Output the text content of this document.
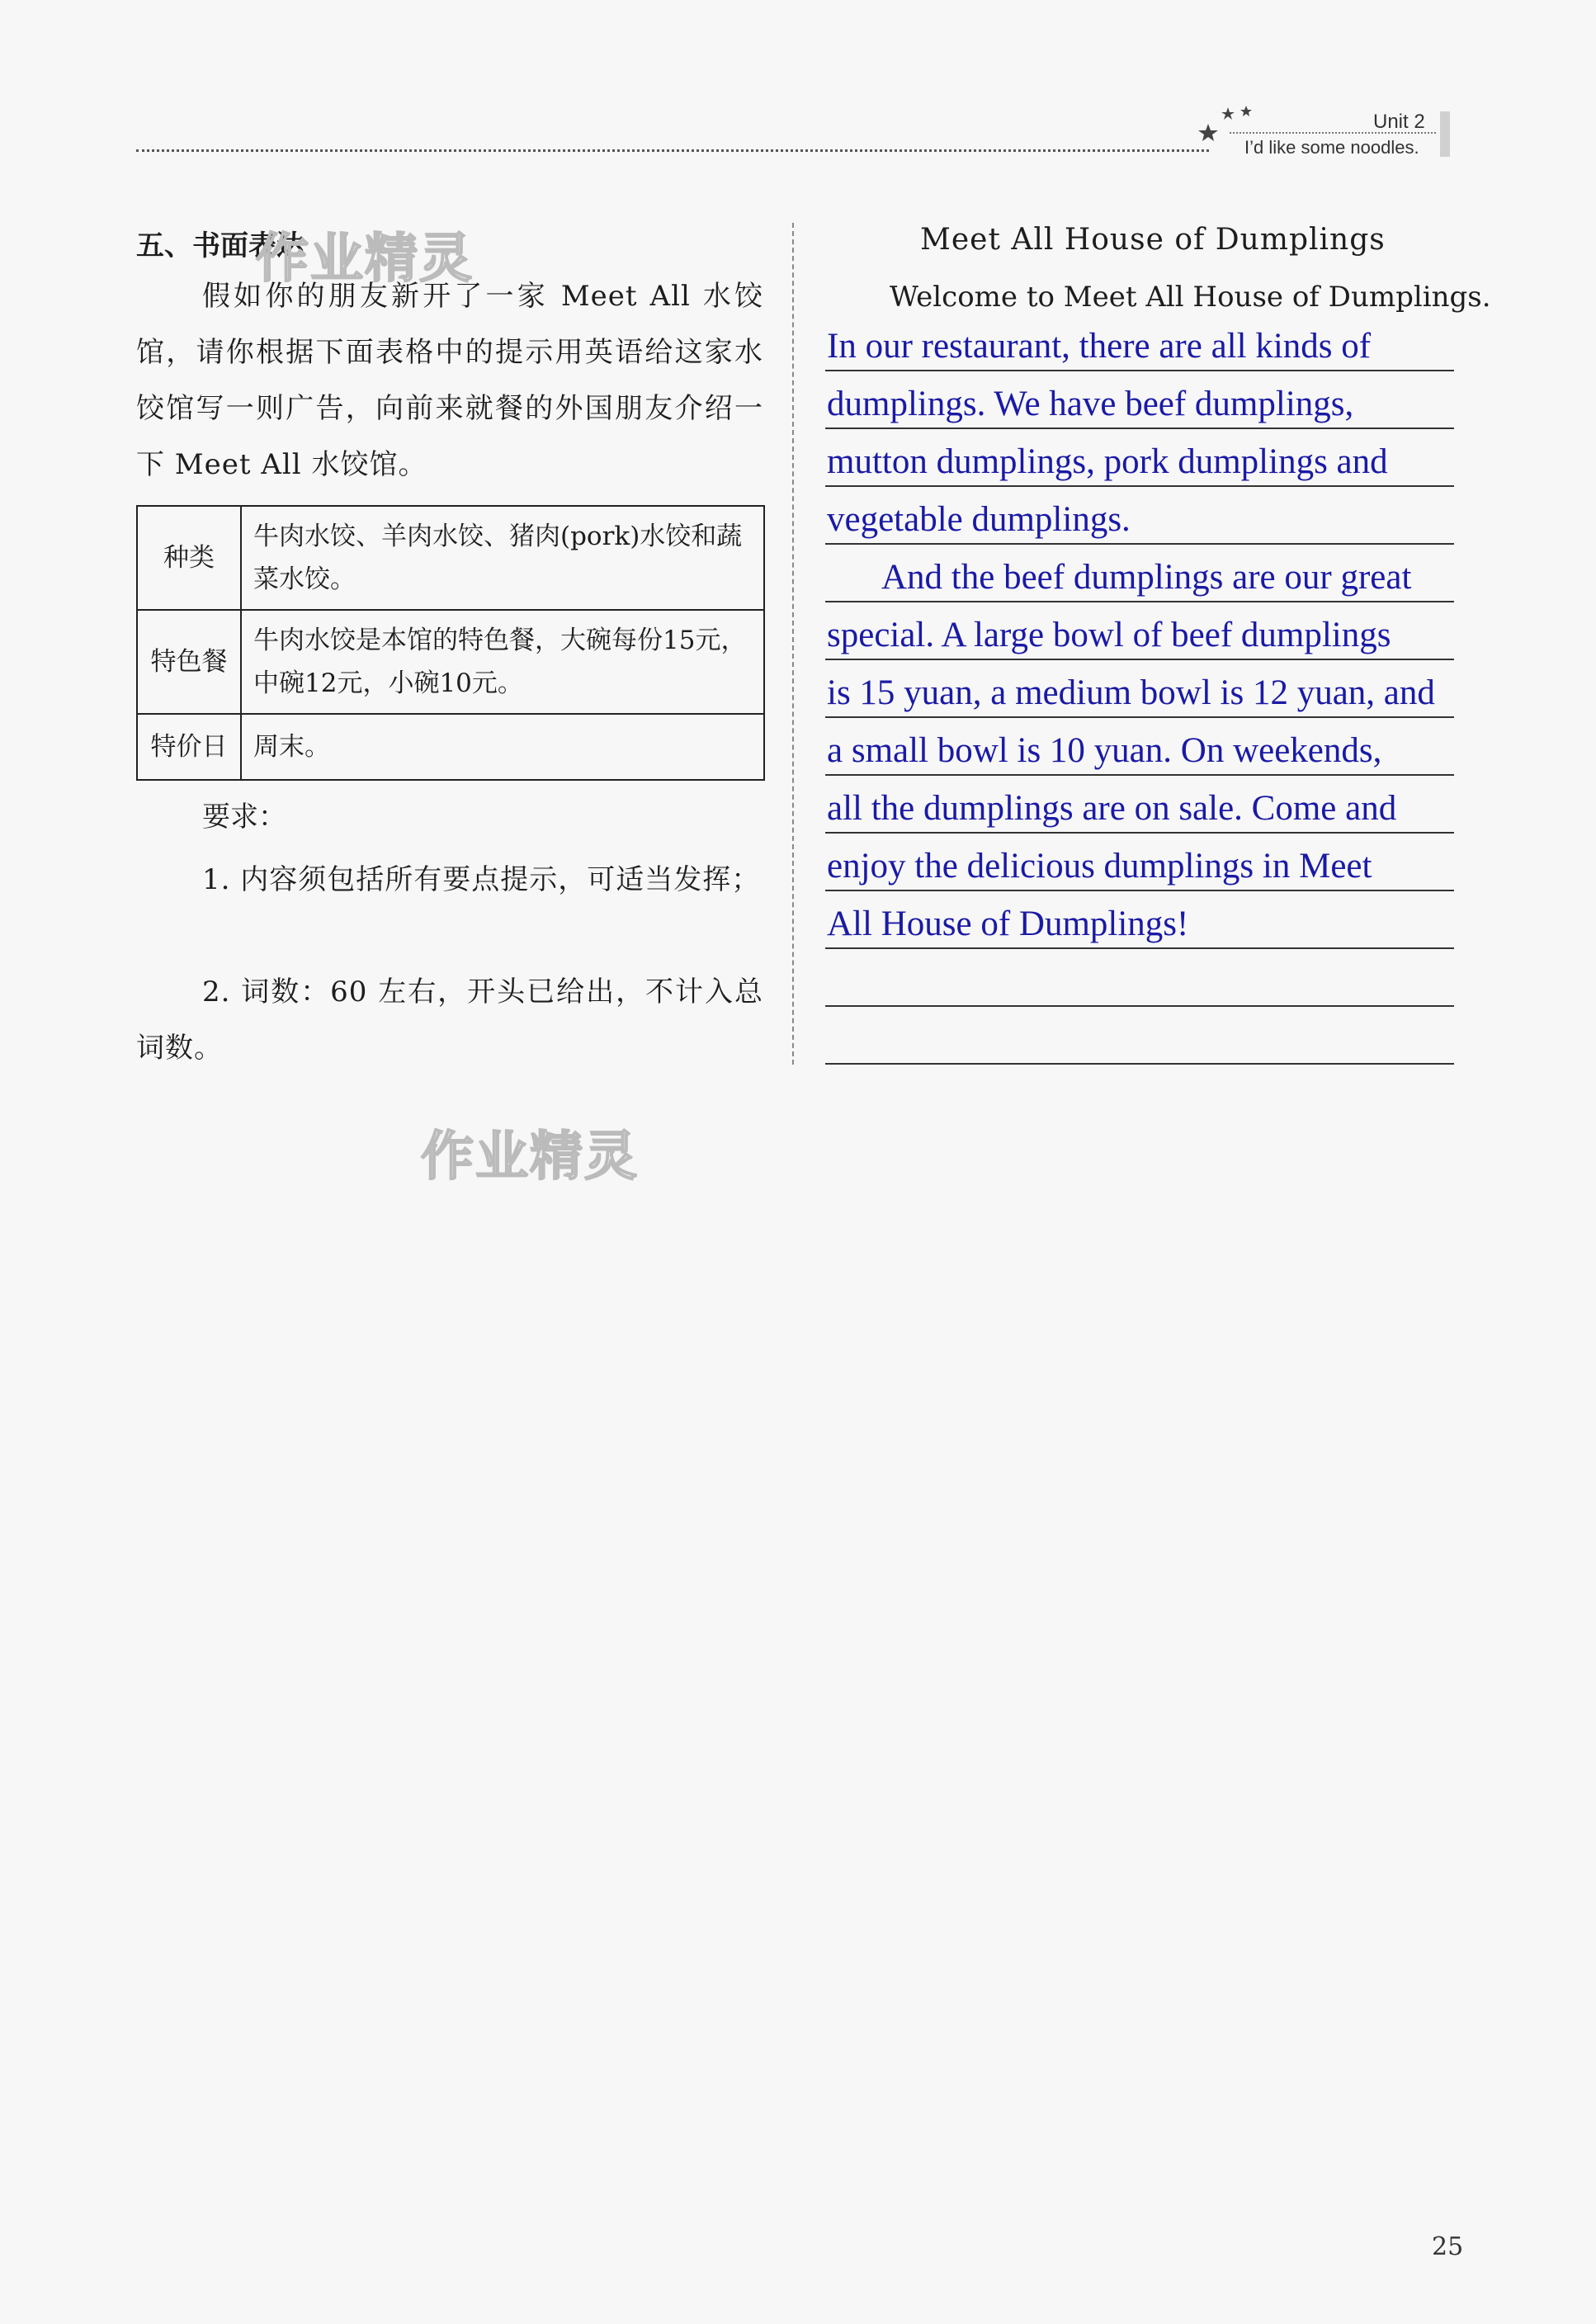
Unit 2
I’d like some noodles.
五、书面表达
作业精灵
作业精灵
假如你的朋友新开了一家 Meet All 水饺馆，请你根据下面表格中的提示用英语给这家水饺馆写一则广告，向前来就餐的外国朋友介绍一下 Meet All 水饺馆。
种类	牛肉水饺、羊肉水饺、猪肉(pork)水饺和蔬菜水饺。
特色餐	牛肉水饺是本馆的特色餐，大碗每份15元，中碗12元，小碗10元。
特价日	周末。
要求：
1. 内容须包括所有要点提示，可适当发挥；
2. 词数：60 左右，开头已给出，不计入总词数。
Meet All House of Dumplings
Welcome to Meet All House of Dumplings.
In our restaurant, there are all kinds of
dumplings. We have beef dumplings,
mutton dumplings, pork dumplings and
vegetable dumplings.
And the beef dumplings are our great
special. A large bowl of beef dumplings
is 15 yuan, a medium bowl is 12 yuan, and
a small bowl is 10 yuan. On weekends,
all the dumplings are on sale. Come and
enjoy the delicious dumplings in Meet
All House of Dumplings!
25
